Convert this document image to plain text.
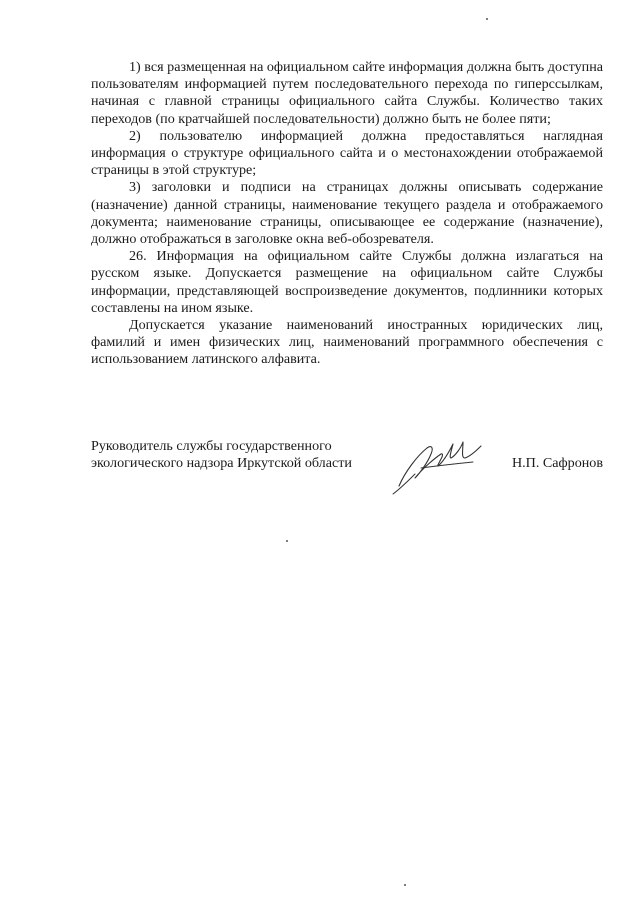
1) вся размещенная на официальном сайте информация должна быть доступна пользователям информацией путем последовательного перехода по гиперссылкам, начиная с главной страницы официального сайта Службы. Количество таких переходов (по кратчайшей последовательности) должно быть не более пяти;

2) пользователю информацией должна предоставляться наглядная информация о структуре официального сайта и о местонахождении отображаемой страницы в этой структуре;

3) заголовки и подписи на страницах должны описывать содержание (назначение) данной страницы, наименование текущего раздела и отображаемого документа; наименование страницы, описывающее ее содержание (назначение), должно отображаться в заголовке окна веб-обозревателя.

26. Информация на официальном сайте Службы должна излагаться на русском языке. Допускается размещение на официальном сайте Службы информации, представляющей воспроизведение документов, подлинники которых составлены на ином языке.

Допускается указание наименований иностранных юридических лиц, фамилий и имен физических лиц, наименований программного обеспечения с использованием латинского алфавита.

Руководитель службы государственного
экологического надзора Иркутской области	Н.П. Сафронов
